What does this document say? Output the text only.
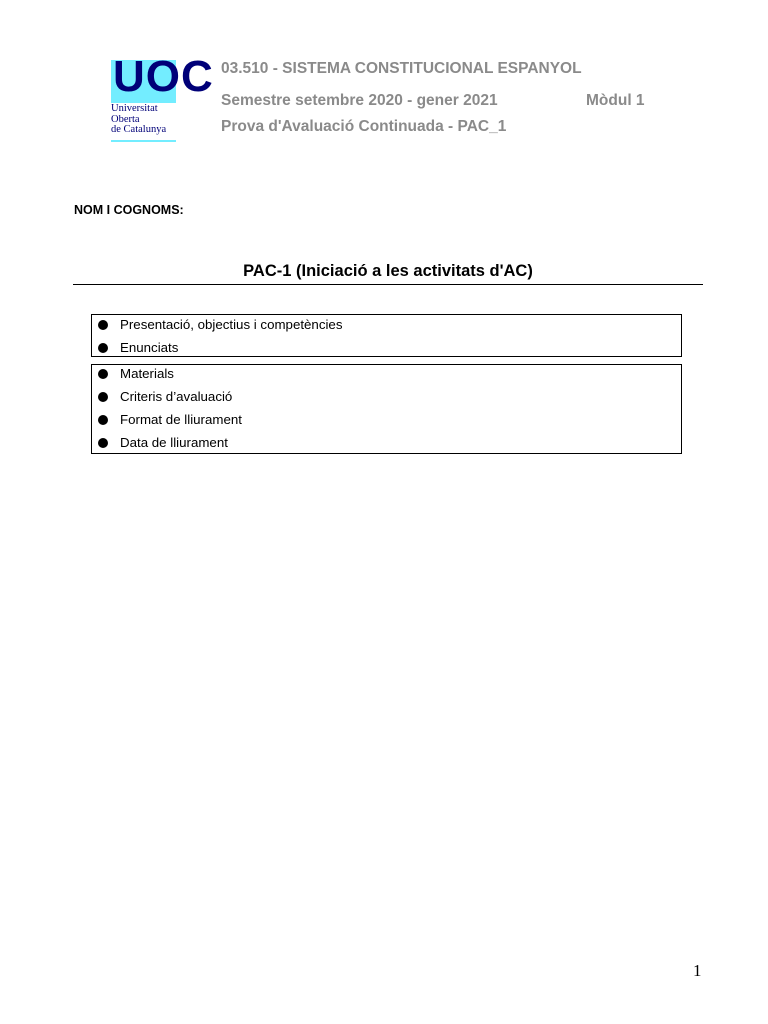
UOC
Universitat
Oberta
de Catalunya
03.510 - SISTEMA CONSTITUCIONAL ESPANYOL
Semestre setembre 2020 - gener 2021	Mòdul 1
Prova d'Avaluació Continuada - PAC_1
NOM I COGNOMS:
PAC-1 (Iniciació a les activitats d'AC)
Presentació, objectius i competències
Enunciats
Materials
Criteris d’avaluació
Format de lliurament
Data de lliurament
1
